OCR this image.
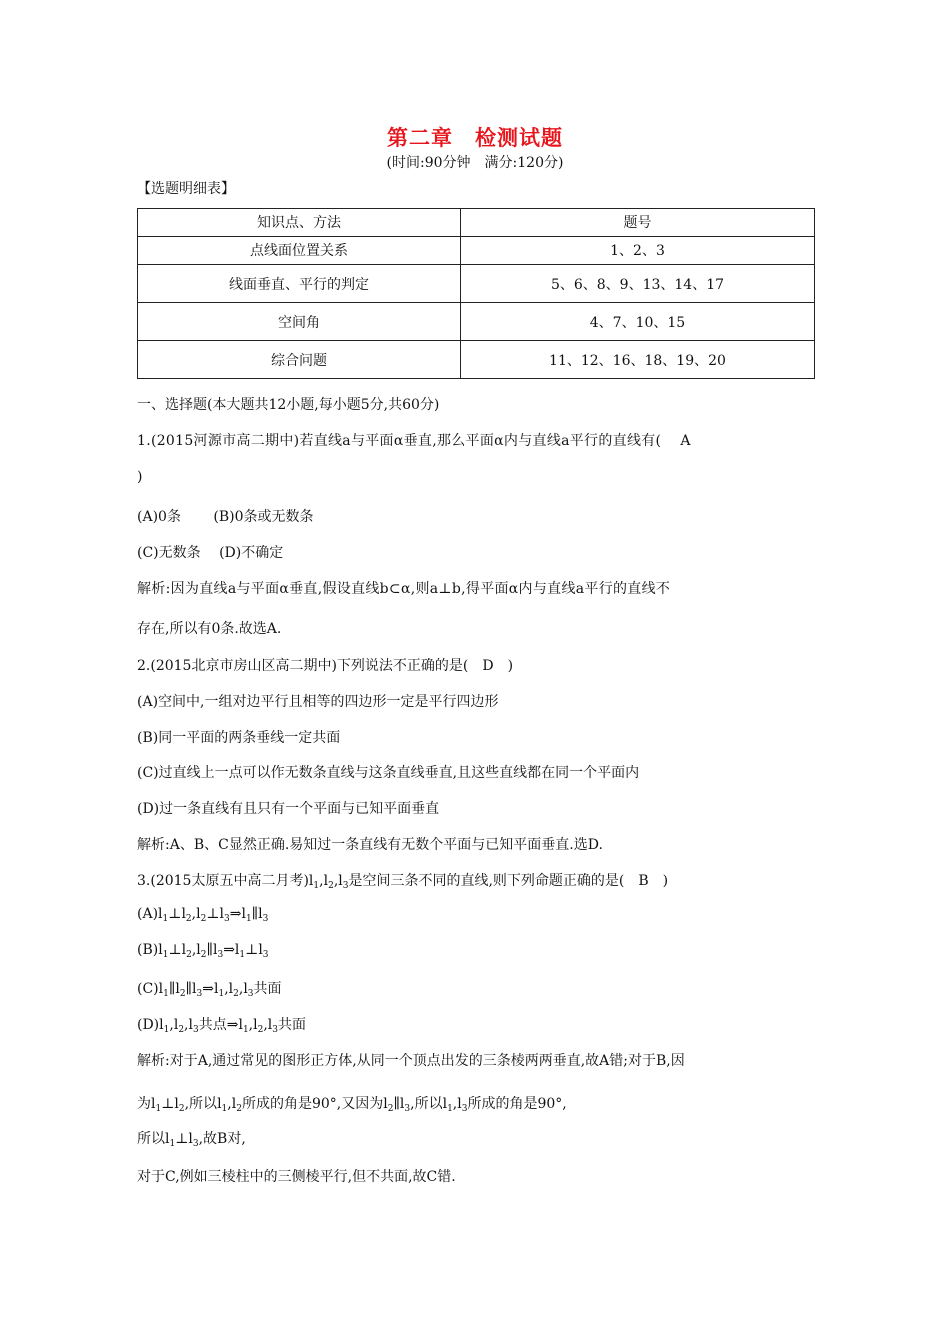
第二章 检测试题
(时间:90分钟 满分:120分)
【选题明细表】
知识点、方法	题号
点线面位置关系	1、2、3
线面垂直、平行的判定	5、6、8、9、13、14、17
空间角	4、7、10、15
综合问题	11、12、16、18、19、20
一、选择题(本大题共12小题,每小题5分,共60分)
1.(2015河源市高二期中)若直线a与平面α垂直,那么平面α内与直线a平行的直线有(　 A
)
(A)0条　　 (B)0条或无数条
(C)无数条　 (D)不确定
解析:因为直线a与平面α垂直,假设直线b⊂α,则a⊥b,得平面α内与直线a平行的直线不
存在,所以有0条.故选A.
2.(2015北京市房山区高二期中)下列说法不正确的是(　D　)
(A)空间中,一组对边平行且相等的四边形一定是平行四边形
(B)同一平面的两条垂线一定共面
(C)过直线上一点可以作无数条直线与这条直线垂直,且这些直线都在同一个平面内
(D)过一条直线有且只有一个平面与已知平面垂直
解析:A、B、C显然正确.易知过一条直线有无数个平面与已知平面垂直.选D.
3.(2015太原五中高二月考)$l_1,l_2,l_3$是空间三条不同的直线,则下列命题正确的是(　B　)
$(A)l_1\perp l_2,l_2\perp l_3\Rightarrow l_1\parallel l_3$
$(B)l_1\perp l_2,l_2\parallel l_3\Rightarrow l_1\perp l_3$
$(C)l_1\parallel l_2\parallel l_3\Rightarrow l_1,l_2,l_3$共面
$(D)l_1,l_2,l_3$共点$\Rightarrow l_1,l_2,l_3$共面
解析:对于A,通过常见的图形正方体,从同一个顶点出发的三条棱两两垂直,故A错;对于B,因
为$l_1\perp l_2$,所以$l_1,l_2$所成的角是90°,又因为$l_2\parallel l_3$,所以$l_1,l_3$所成的角是90°,
所以$l_1\perp l_3$,故B对,
对于C,例如三棱柱中的三侧棱平行,但不共面,故C错.
